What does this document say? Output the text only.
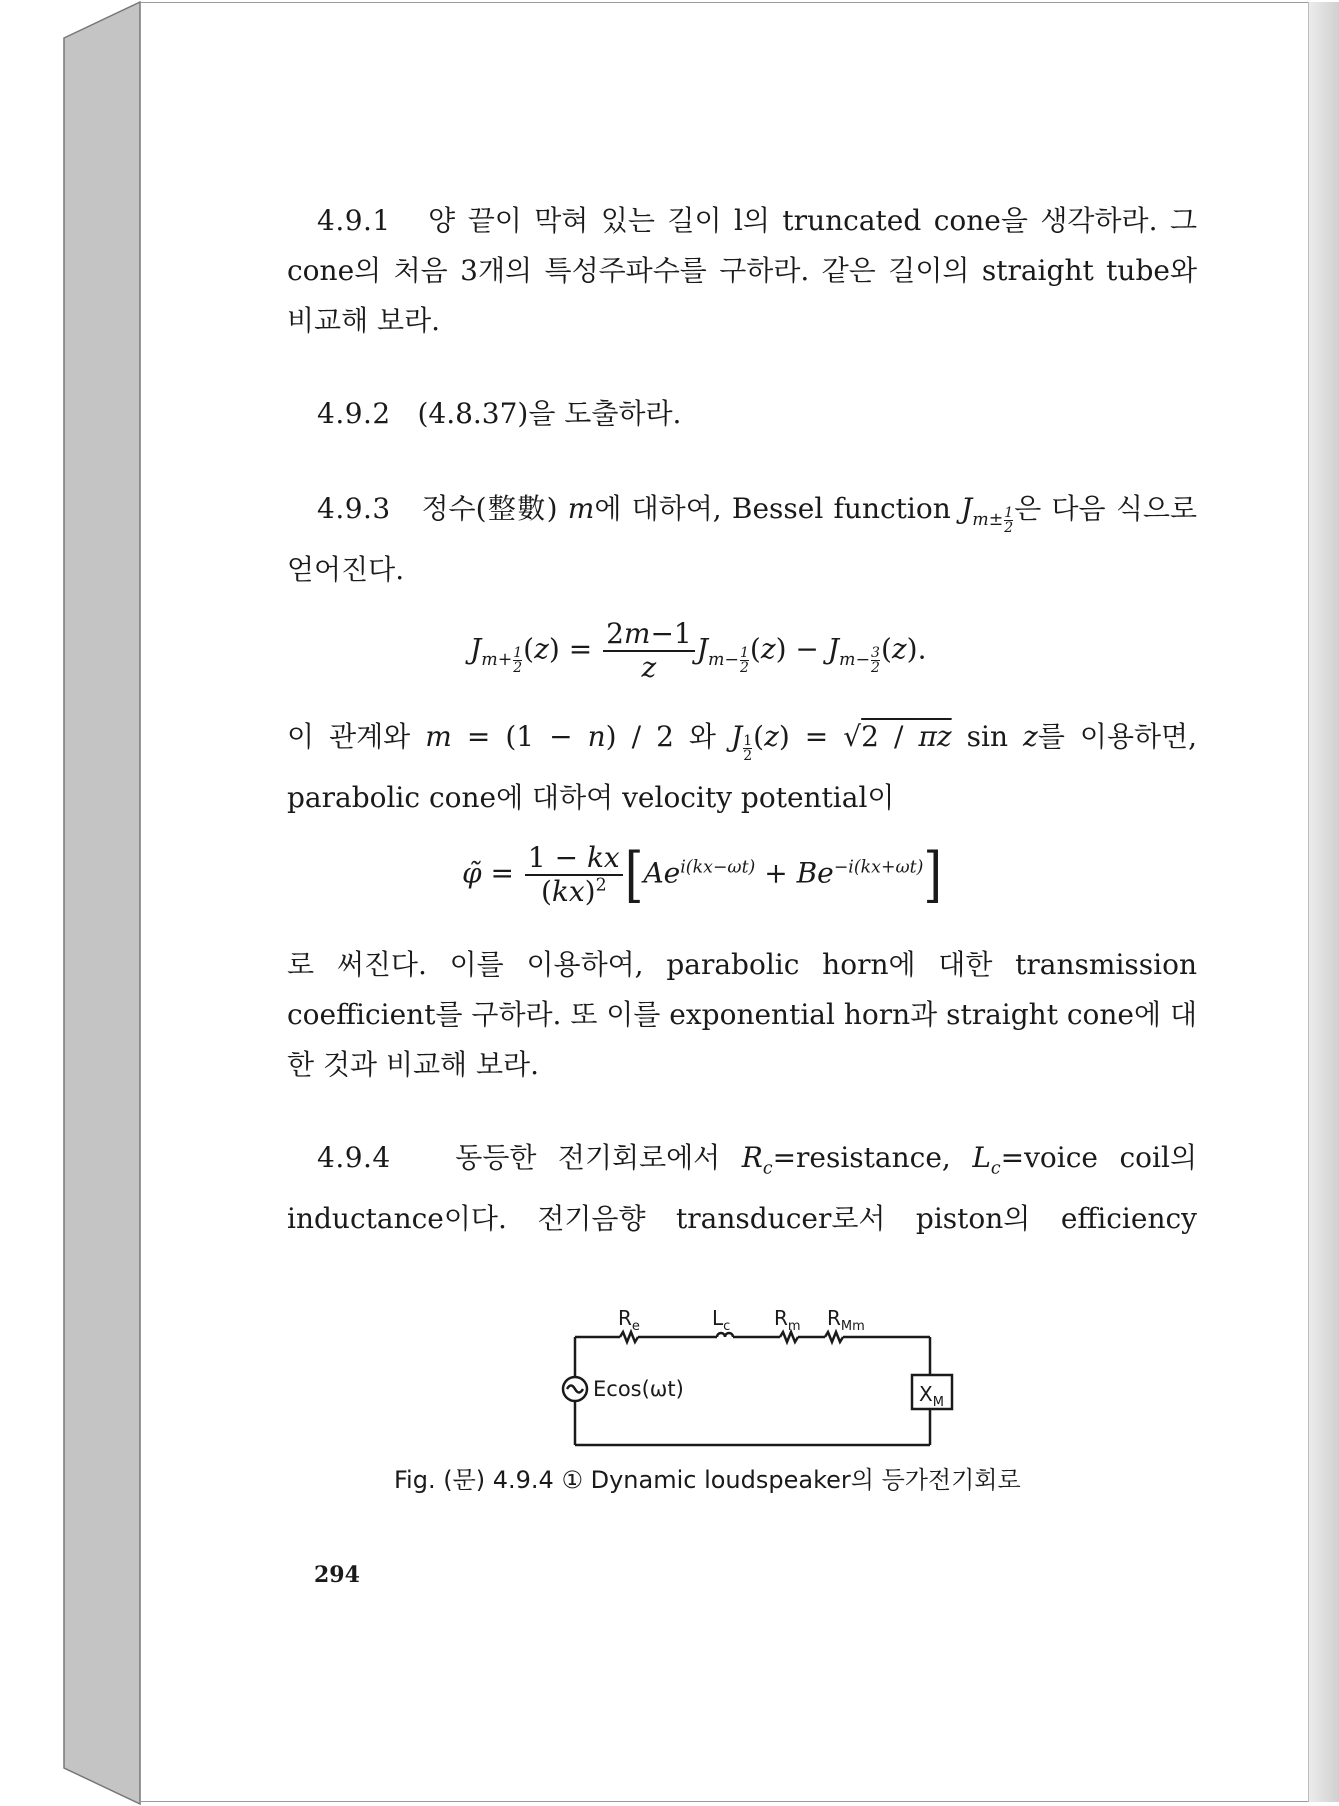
4.9.1 양 끝이 막혀 있는 길이 l의 truncated cone을 생각하라. 그 cone의 처음 3개의 특성주파수를 구하라. 같은 길이의 straight tube와 비교해 보라.
4.9.2 (4.8.37)을 도출하라.
4.9.3 정수(整數) m에 대하여, Bessel function $J_{m\pm \frac{1}{2}}$ 은 다음 식으로 얻어진다.
$J_{m+ \frac{1}{2}}$ $(z) = \frac{2m-1}{z} J_{m- \frac{1}{2}}$ $(z) - J_{m- \frac{3}{2}}$ (z).
이 관계와 m = (1 − n) / 2 와 J $_{\frac{1}{2}}$ (z) = √2 / πz sin z를 이용하면, parabolic cone에 대하여 velocity potential이
φ̃ = $\frac{1 - kx}{(kx)^2} [Ae^{i(kx-\omega t)} + Be^{-i(kx+\omega t)}]$
로 써진다. 이를 이용하여, parabolic horn에 대한 transmission coefficient를 구하라. 또 이를 exponential horn과 straight cone에 대한 것과 비교해 보라.
4.9.4 동등한 전기회로에서 $R_c=resistance$, $L_c=voice$ coil의 inductance이다. 전기음향 transducer로서 piston의 efficiency
$R_e$	$L_c$ $R_m$ $R_{Mm}$
Ecos(ωt)	$X_M$
Fig. (문) 4.9.4 ① Dynamic loudspeaker의 등가전기회로
294
